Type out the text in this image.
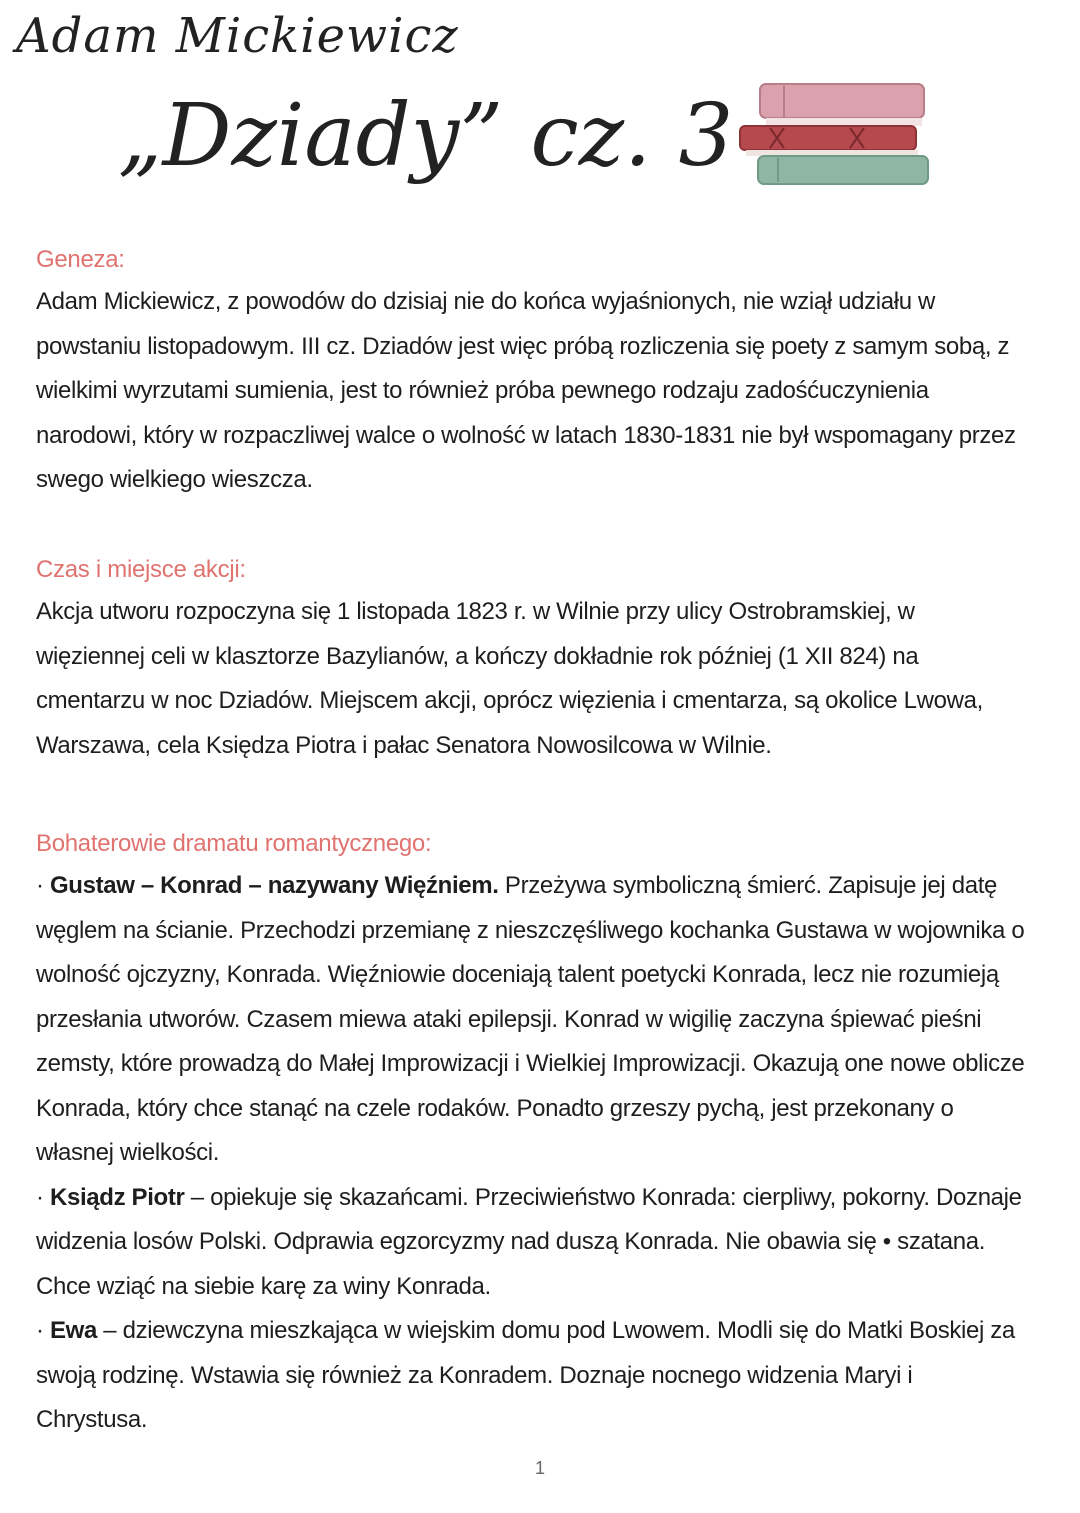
Adam Mickiewicz
„Dziady” cz. 3

Geneza:

Adam Mickiewicz, z powodów do dzisiaj nie do końca wyjaśnionych, nie wziął udziału w powstaniu listopadowym. III cz. Dziadów jest więc próbą rozliczenia się poety z samym sobą, z wielkimi wyrzutami sumienia, jest to również próba pewnego rodzaju zadośćuczynienia narodowi, który w rozpaczliwej walce o wolność w latach 1830-1831 nie był wspomagany przez swego wielkiego wieszcza.

Czas i miejsce akcji:

Akcja utworu rozpoczyna się 1 listopada 1823 r. w Wilnie przy ulicy Ostrobramskiej, w więziennej celi w klasztorze Bazylianów, a kończy dokładnie rok później (1 XII 824) na cmentarzu w noc Dziadów. Miejscem akcji, oprócz więzienia i cmentarza, są okolice Lwowa, Warszawa, cela Księdza Piotra i pałac Senatora Nowosilcowa w Wilnie.

Bohaterowie dramatu romantycznego:

· Gustaw – Konrad – nazywany Więźniem. Przeżywa symboliczną śmierć. Zapisuje jej datę węglem na ścianie. Przechodzi przemianę z nieszczęśliwego kochanka Gustawa w wojownika o wolność ojczyzny, Konrada. Więźniowie doceniają talent poetycki Konrada, lecz nie rozumieją przesłania utworów. Czasem miewa ataki epilepsji. Konrad w wigilię zaczyna śpiewać pieśni zemsty, które prowadzą do Małej Improwizacji i Wielkiej Improwizacji. Okazują one nowe oblicze Konrada, który chce stanąć na czele rodaków. Ponadto grzeszy pychą, jest przekonany o własnej wielkości.

· Ksiądz Piotr – opiekuje się skazańcami. Przeciwieństwo Konrada: cierpliwy, pokorny. Doznaje widzenia losów Polski. Odprawia egzorcyzmy nad duszą Konrada. Nie obawia się • szatana. Chce wziąć na siebie karę za winy Konrada.

· Ewa – dziewczyna mieszkająca w wiejskim domu pod Lwowem. Modli się do Matki Boskiej za swoją rodzinę. Wstawia się również za Konradem. Doznaje nocnego widzenia Maryi i Chrystusa.

1
